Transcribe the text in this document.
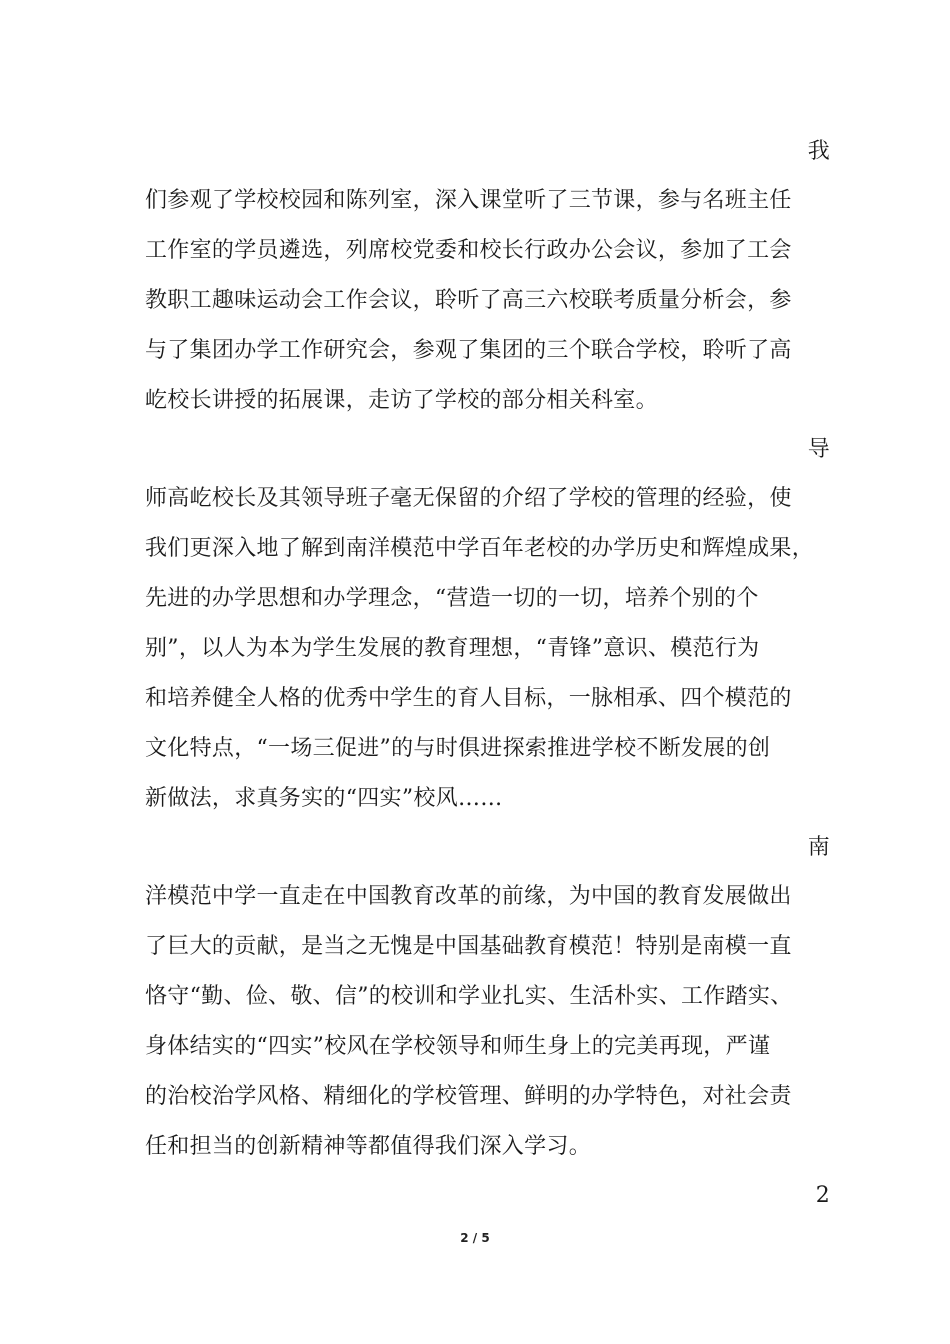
我
们参观了学校校园和陈列室，深入课堂听了三节课，参与名班主任
工作室的学员遴选，列席校党委和校长行政办公会议，参加了工会
教职工趣味运动会工作会议，聆听了高三六校联考质量分析会，参
与了集团办学工作研究会，参观了集团的三个联合学校，聆听了高
屹校长讲授的拓展课，走访了学校的部分相关科室。
导
师高屹校长及其领导班子毫无保留的介绍了学校的管理的经验，使
我们更深入地了解到南洋模范中学百年老校的办学历史和辉煌成果，
先进的办学思想和办学理念，“营造一切的一切，培养个别的个
别”，以人为本为学生发展的教育理想，“青锋”意识、模范行为
和培养健全人格的优秀中学生的育人目标，一脉相承、四个模范的
文化特点，“一场三促进”的与时俱进探索推进学校不断发展的创
新做法，求真务实的“四实”校风……
南
洋模范中学一直走在中国教育改革的前缘，为中国的教育发展做出
了巨大的贡献，是当之无愧是中国基础教育模范！特别是南模一直
恪守“勤、俭、敬、信”的校训和学业扎实、生活朴实、工作踏实、
身体结实的“四实”校风在学校领导和师生身上的完美再现，严谨
的治校治学风格、精细化的学校管理、鲜明的办学特色，对社会责
任和担当的创新精神等都值得我们深入学习。
2
2 / 5
